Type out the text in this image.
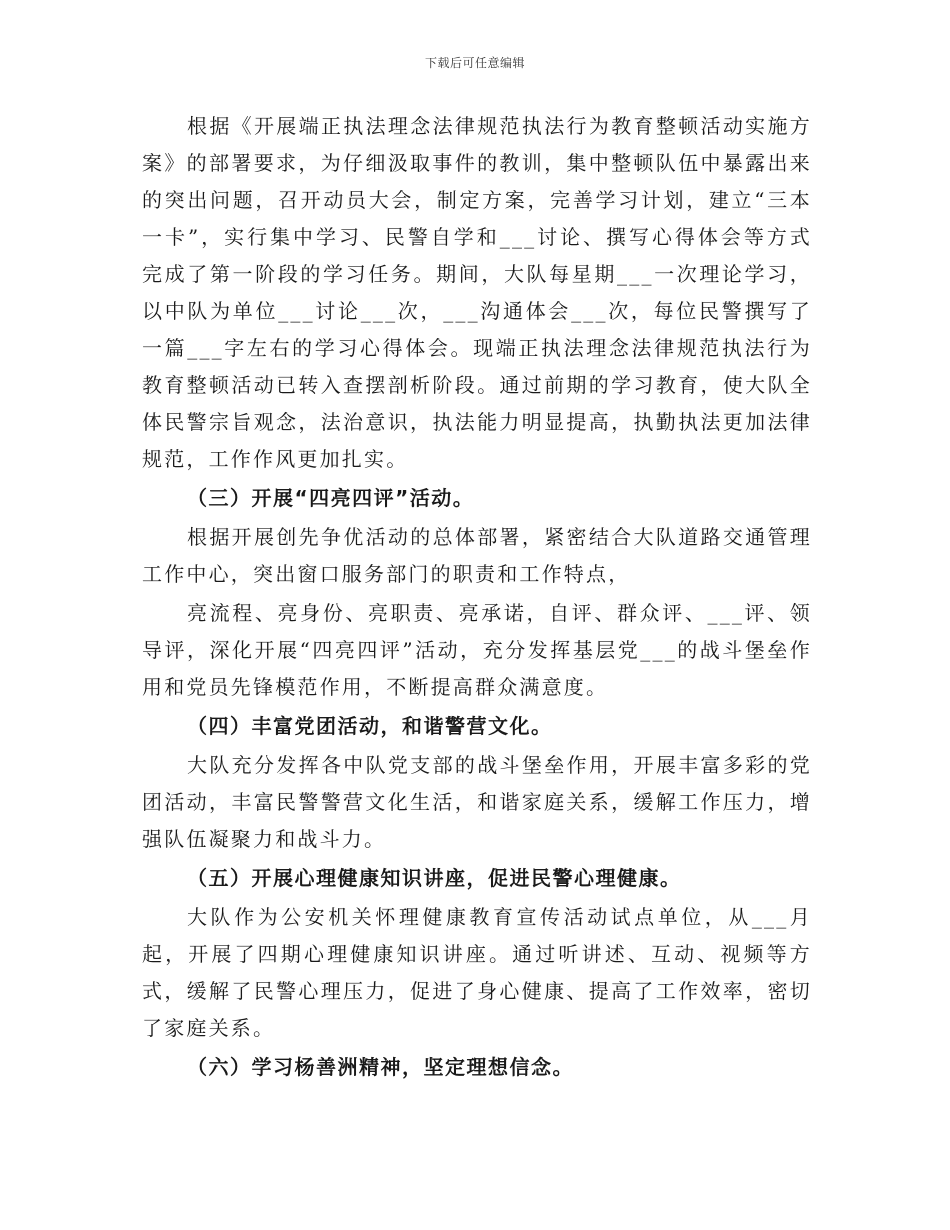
下载后可任意编辑

根据《开展端正执法理念法律规范执法行为教育整顿活动实施方案》的部署要求，为仔细汲取事件的教训，集中整顿队伍中暴露出来的突出问题，召开动员大会，制定方案，完善学习计划，建立“三本一卡”，实行集中学习、民警自学和___讨论、撰写心得体会等方式完成了第一阶段的学习任务。期间，大队每星期___一次理论学习，以中队为单位___讨论___次，___沟通体会___次，每位民警撰写了一篇___字左右的学习心得体会。现端正执法理念法律规范执法行为教育整顿活动已转入查摆剖析阶段。通过前期的学习教育，使大队全体民警宗旨观念，法治意识，执法能力明显提高，执勤执法更加法律规范，工作作风更加扎实。

（三）开展“四亮四评”活动。

根据开展创先争优活动的总体部署，紧密结合大队道路交通管理工作中心，突出窗口服务部门的职责和工作特点，

亮流程、亮身份、亮职责、亮承诺，自评、群众评、___评、领导评，深化开展“四亮四评”活动，充分发挥基层党___的战斗堡垒作用和党员先锋模范作用，不断提高群众满意度。

（四）丰富党团活动，和谐警营文化。

大队充分发挥各中队党支部的战斗堡垒作用，开展丰富多彩的党团活动，丰富民警警营文化生活，和谐家庭关系，缓解工作压力，增强队伍凝聚力和战斗力。

（五）开展心理健康知识讲座，促进民警心理健康。

大队作为公安机关怀理健康教育宣传活动试点单位，从___月起，开展了四期心理健康知识讲座。通过听讲述、互动、视频等方式，缓解了民警心理压力，促进了身心健康、提高了工作效率，密切了家庭关系。

（六）学习杨善洲精神，坚定理想信念。
